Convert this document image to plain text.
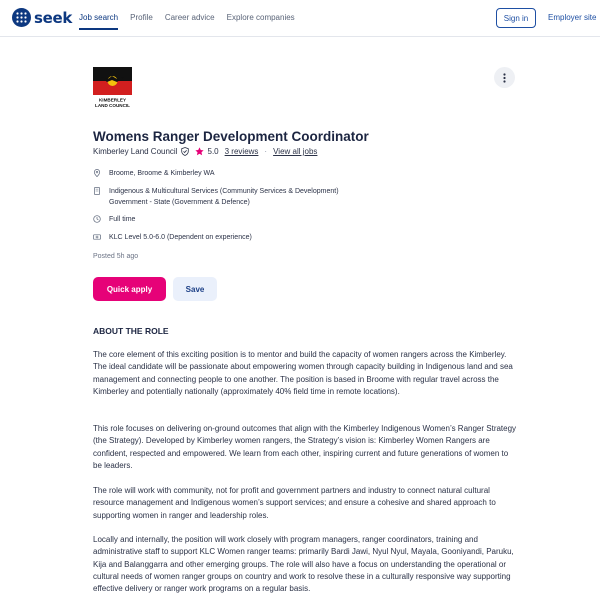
seek Job search Profile Career advice Explore companies	Sign in	Employer site
KIMBERLEY
LAND COUNCIL
Womens Ranger Development Coordinator
Kimberley Land Council	5.0 3 reviews · View all jobs
Broome, Broome & Kimberley WA
Indigenous & Multicultural Services (Community Services & Development)
Government - State (Government & Defence)
Full time
KLC Level 5.0-6.0 (Dependent on experience)
Posted 5h ago
Quick apply	Save
ABOUT THE ROLE

The core element of this exciting position is to mentor and build the capacity of women rangers across the Kimberley. The ideal candidate will be passionate about empowering women through capacity building in Indigenous land and sea management and connecting people to one another. The position is based in Broome with regular travel across the Kimberley and potentially nationally (approximately 40% field time in remote locations).

This role focuses on delivering on-ground outcomes that align with the Kimberley Indigenous Women’s Ranger Strategy (the Strategy). Developed by Kimberley women rangers, the Strategy’s vision is: Kimberley Women Rangers are confident, respected and empowered. We learn from each other, inspiring current and future generations of women to be leaders.

The role will work with community, not for profit and government partners and industry to connect natural cultural resource management and Indigenous women’s support services; and ensure a cohesive and shared approach to supporting women in ranger and leadership roles.

Locally and internally, the position will work closely with program managers, ranger coordinators, training and administrative staff to support KLC Women ranger teams: primarily Bardi Jawi, Nyul Nyul, Mayala, Gooniyandi, Paruku, Kija and Balanggarra and other emerging groups. The role will also have a focus on understanding the operational or cultural needs of women ranger groups on country and work to resolve these in a culturally responsive way supporting effective delivery or ranger work programs on a regular basis.
